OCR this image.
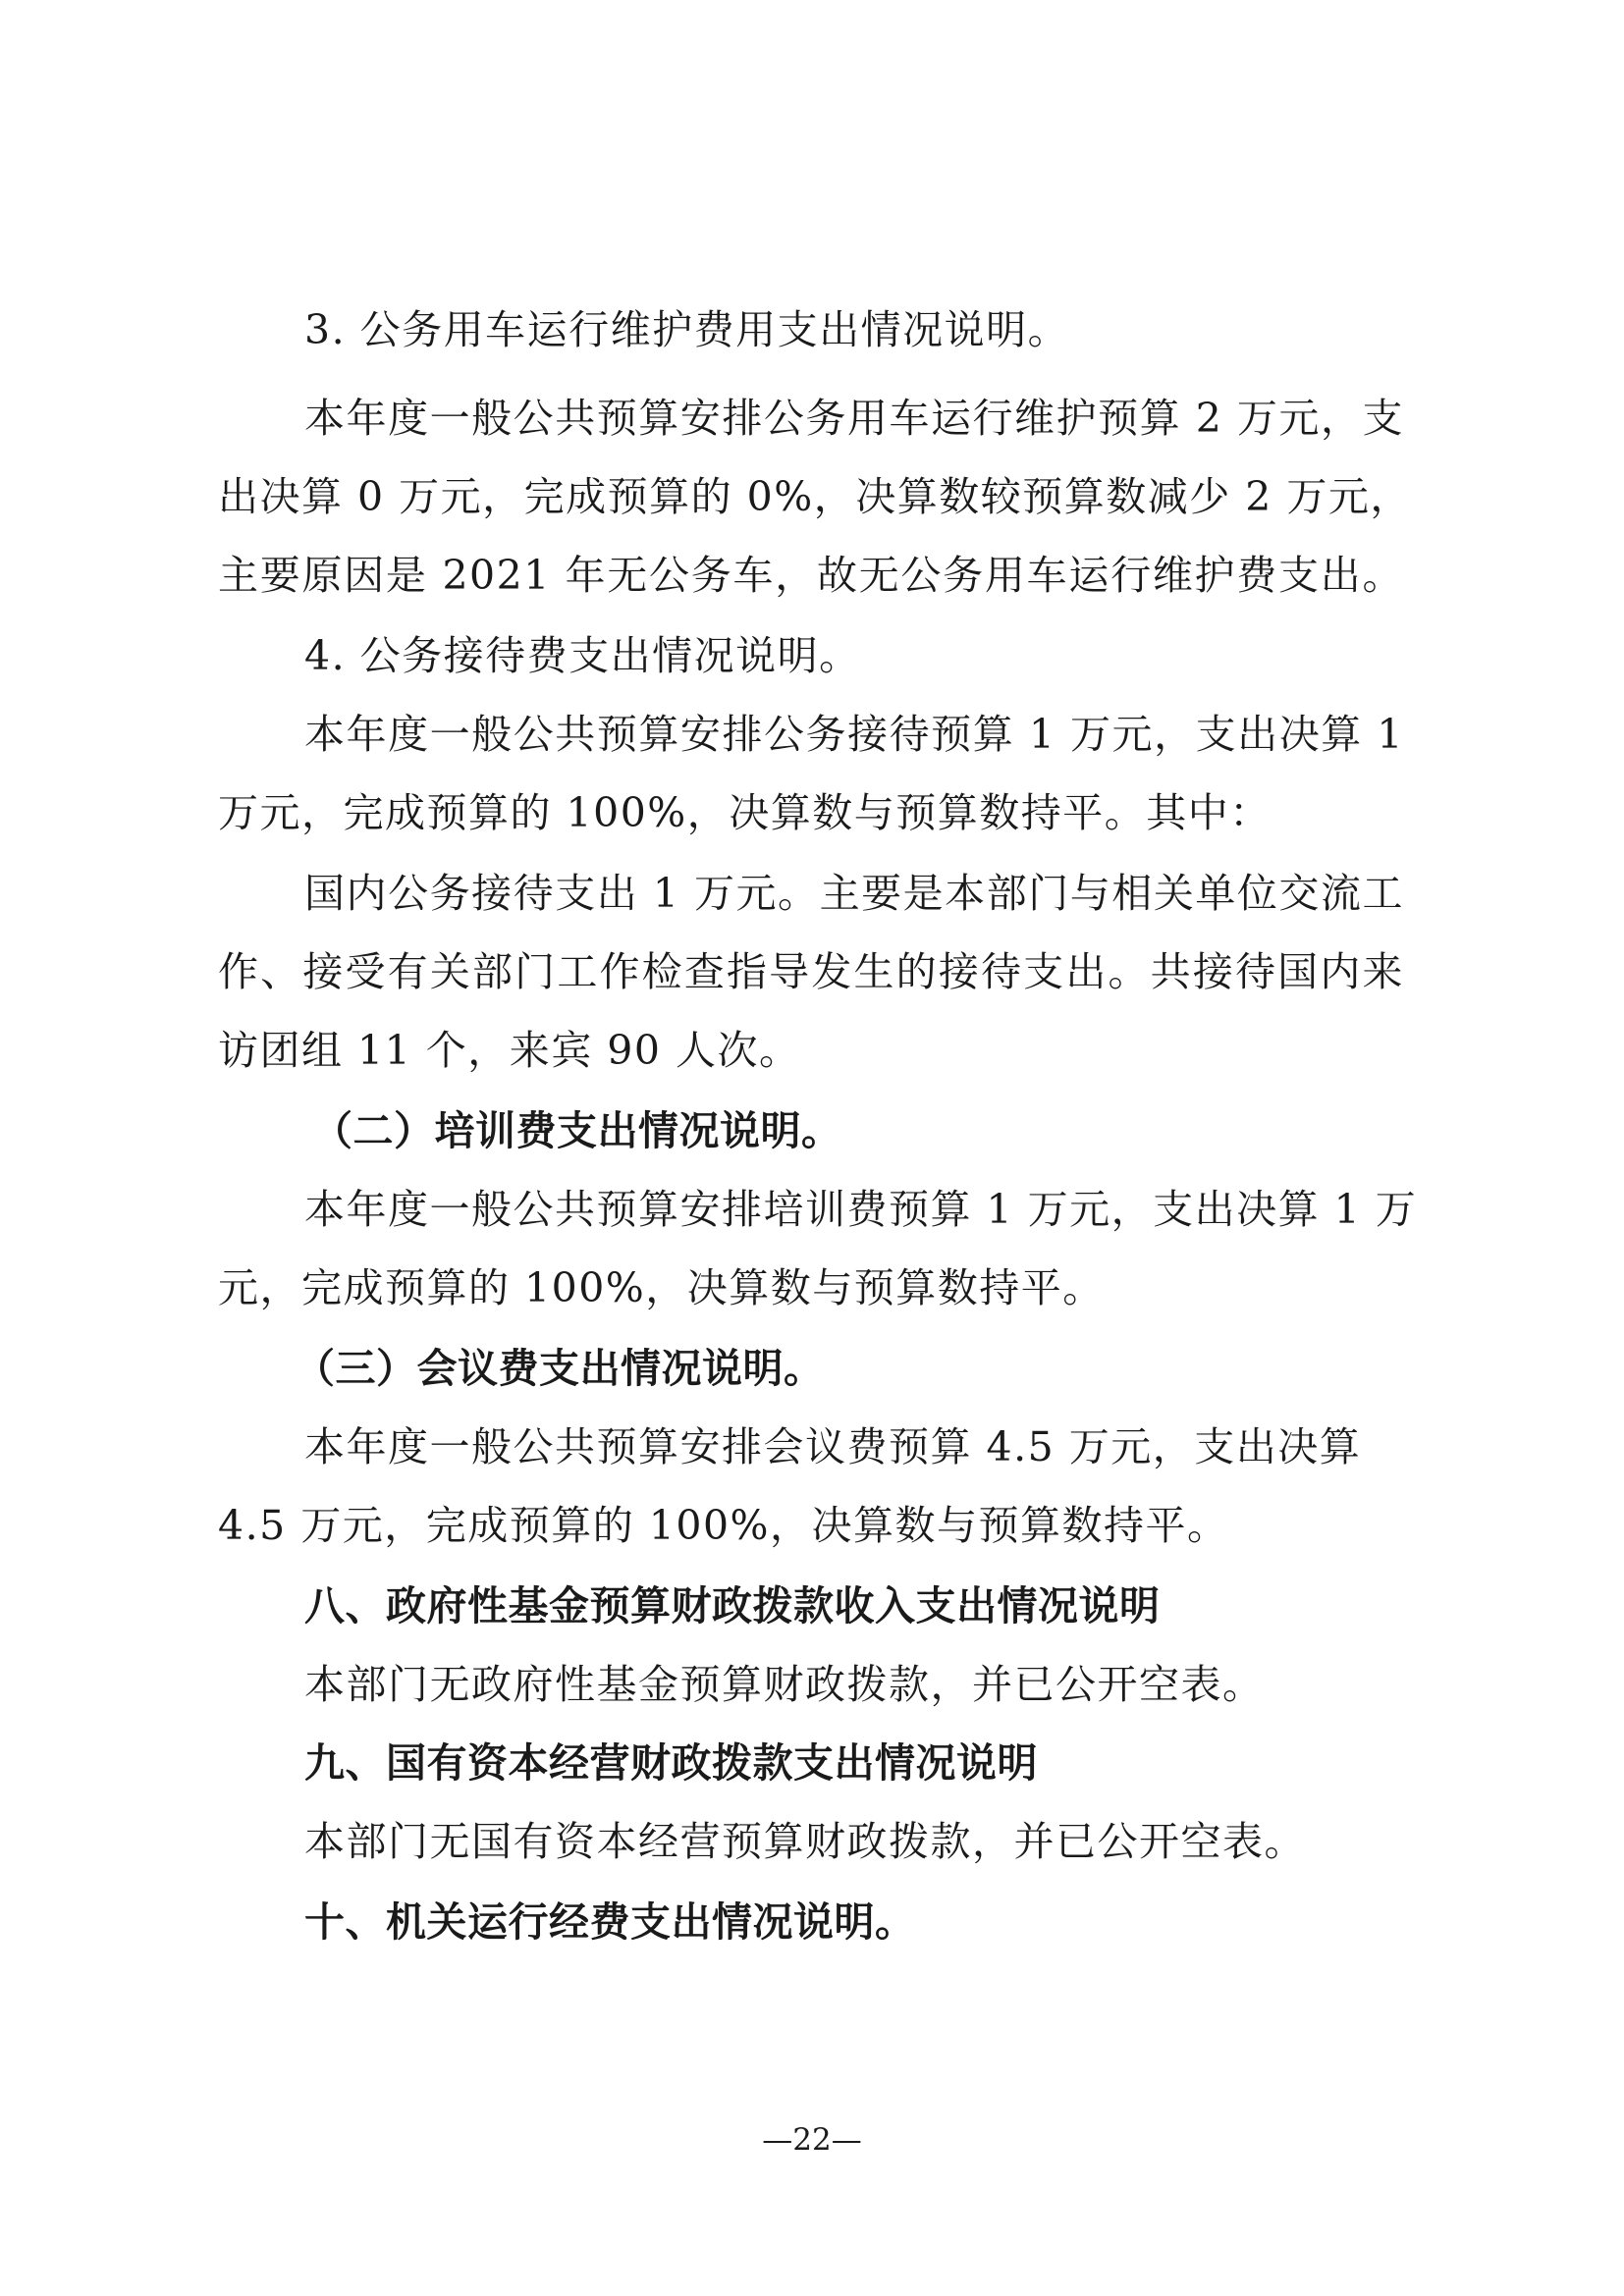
3. 公务用车运行维护费用支出情况说明。
本年度一般公共预算安排公务用车运行维护预算 2 万元，支
出决算 0 万元，完成预算的 0%，决算数较预算数减少 2 万元，
主要原因是 2021 年无公务车，故无公务用车运行维护费支出。
4. 公务接待费支出情况说明。
本年度一般公共预算安排公务接待预算 1 万元，支出决算 1
万元，完成预算的 100%，决算数与预算数持平。其中：
国内公务接待支出 1 万元。主要是本部门与相关单位交流工
作、接受有关部门工作检查指导发生的接待支出。共接待国内来
访团组 11 个，来宾 90 人次。
（二）培训费支出情况说明。
本年度一般公共预算安排培训费预算 1 万元，支出决算 1 万
元，完成预算的 100%，决算数与预算数持平。
（三）会议费支出情况说明。
本年度一般公共预算安排会议费预算 4.5 万元，支出决算
4.5 万元，完成预算的 100%，决算数与预算数持平。
八、政府性基金预算财政拨款收入支出情况说明
本部门无政府性基金预算财政拨款，并已公开空表。
九、国有资本经营财政拨款支出情况说明
本部门无国有资本经营预算财政拨款，并已公开空表。
十、机关运行经费支出情况说明。
—22—
